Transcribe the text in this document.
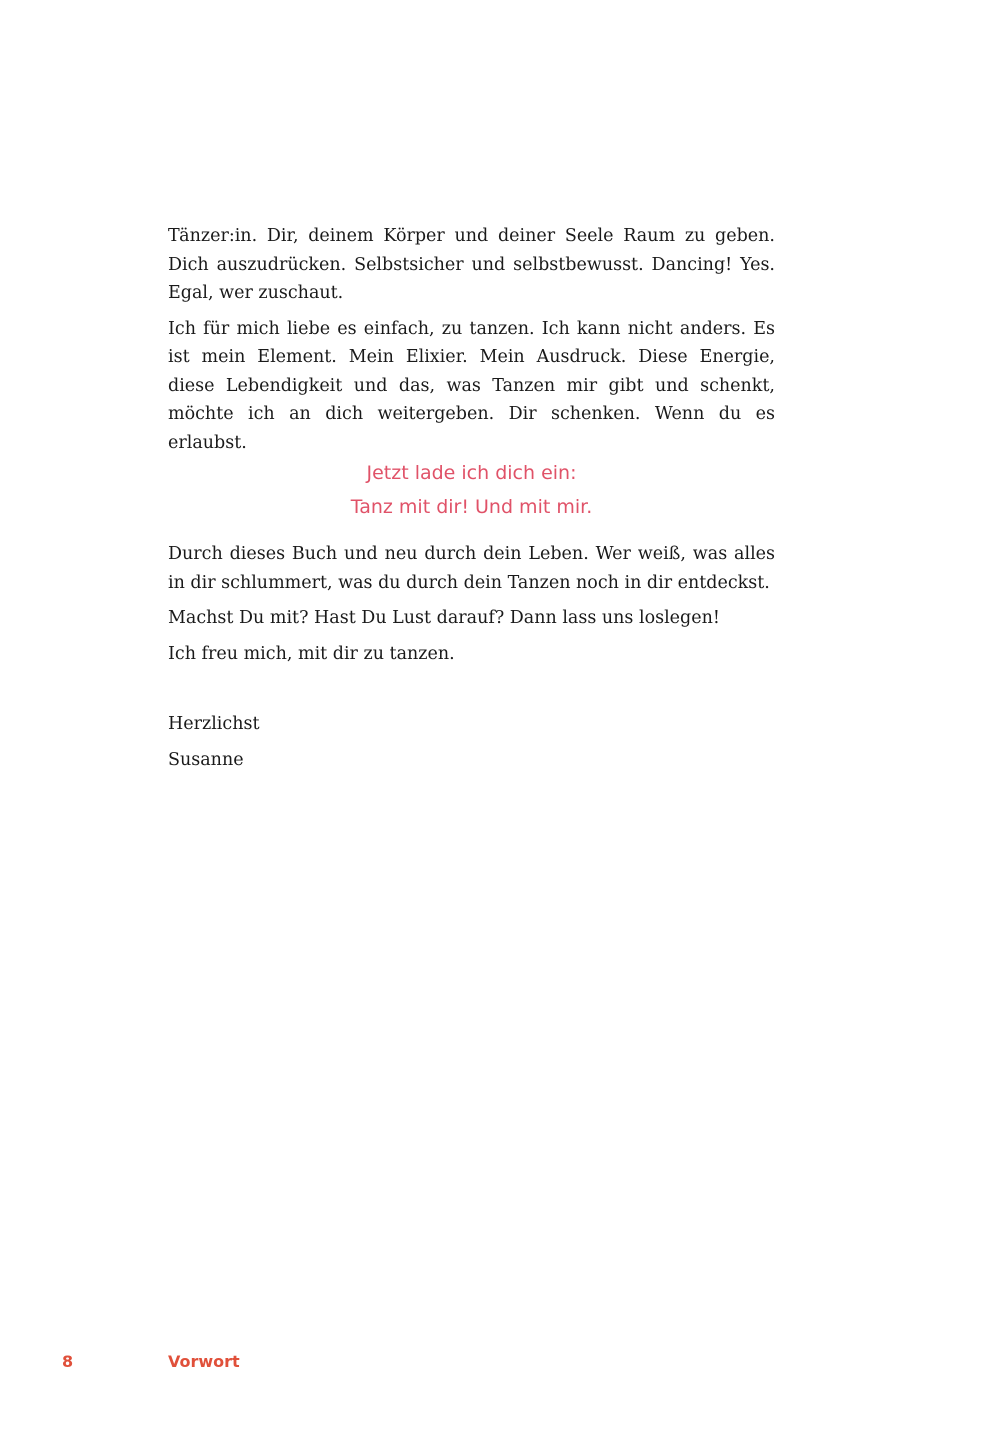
Tänzer:in. Dir, deinem Körper und deiner Seele Raum zu geben. Dich auszudrücken. Selbstsicher und selbstbewusst. Dancing! Yes. Egal, wer zuschaut.

Ich für mich liebe es einfach, zu tanzen. Ich kann nicht anders. Es ist mein Element. Mein Elixier. Mein Ausdruck. Diese Energie, diese Lebendigkeit und das, was Tanzen mir gibt und schenkt, möchte ich an dich weitergeben. Dir schenken. Wenn du es erlaubst.

Jetzt lade ich dich ein:
Tanz mit dir! Und mit mir.

Durch dieses Buch und neu durch dein Leben. Wer weiß, was alles in dir schlummert, was du durch dein Tanzen noch in dir entdeckst.

Machst Du mit? Hast Du Lust darauf? Dann lass uns loslegen!

Ich freu mich, mit dir zu tanzen.

Herzlichst

Susanne

8	Vorwort
